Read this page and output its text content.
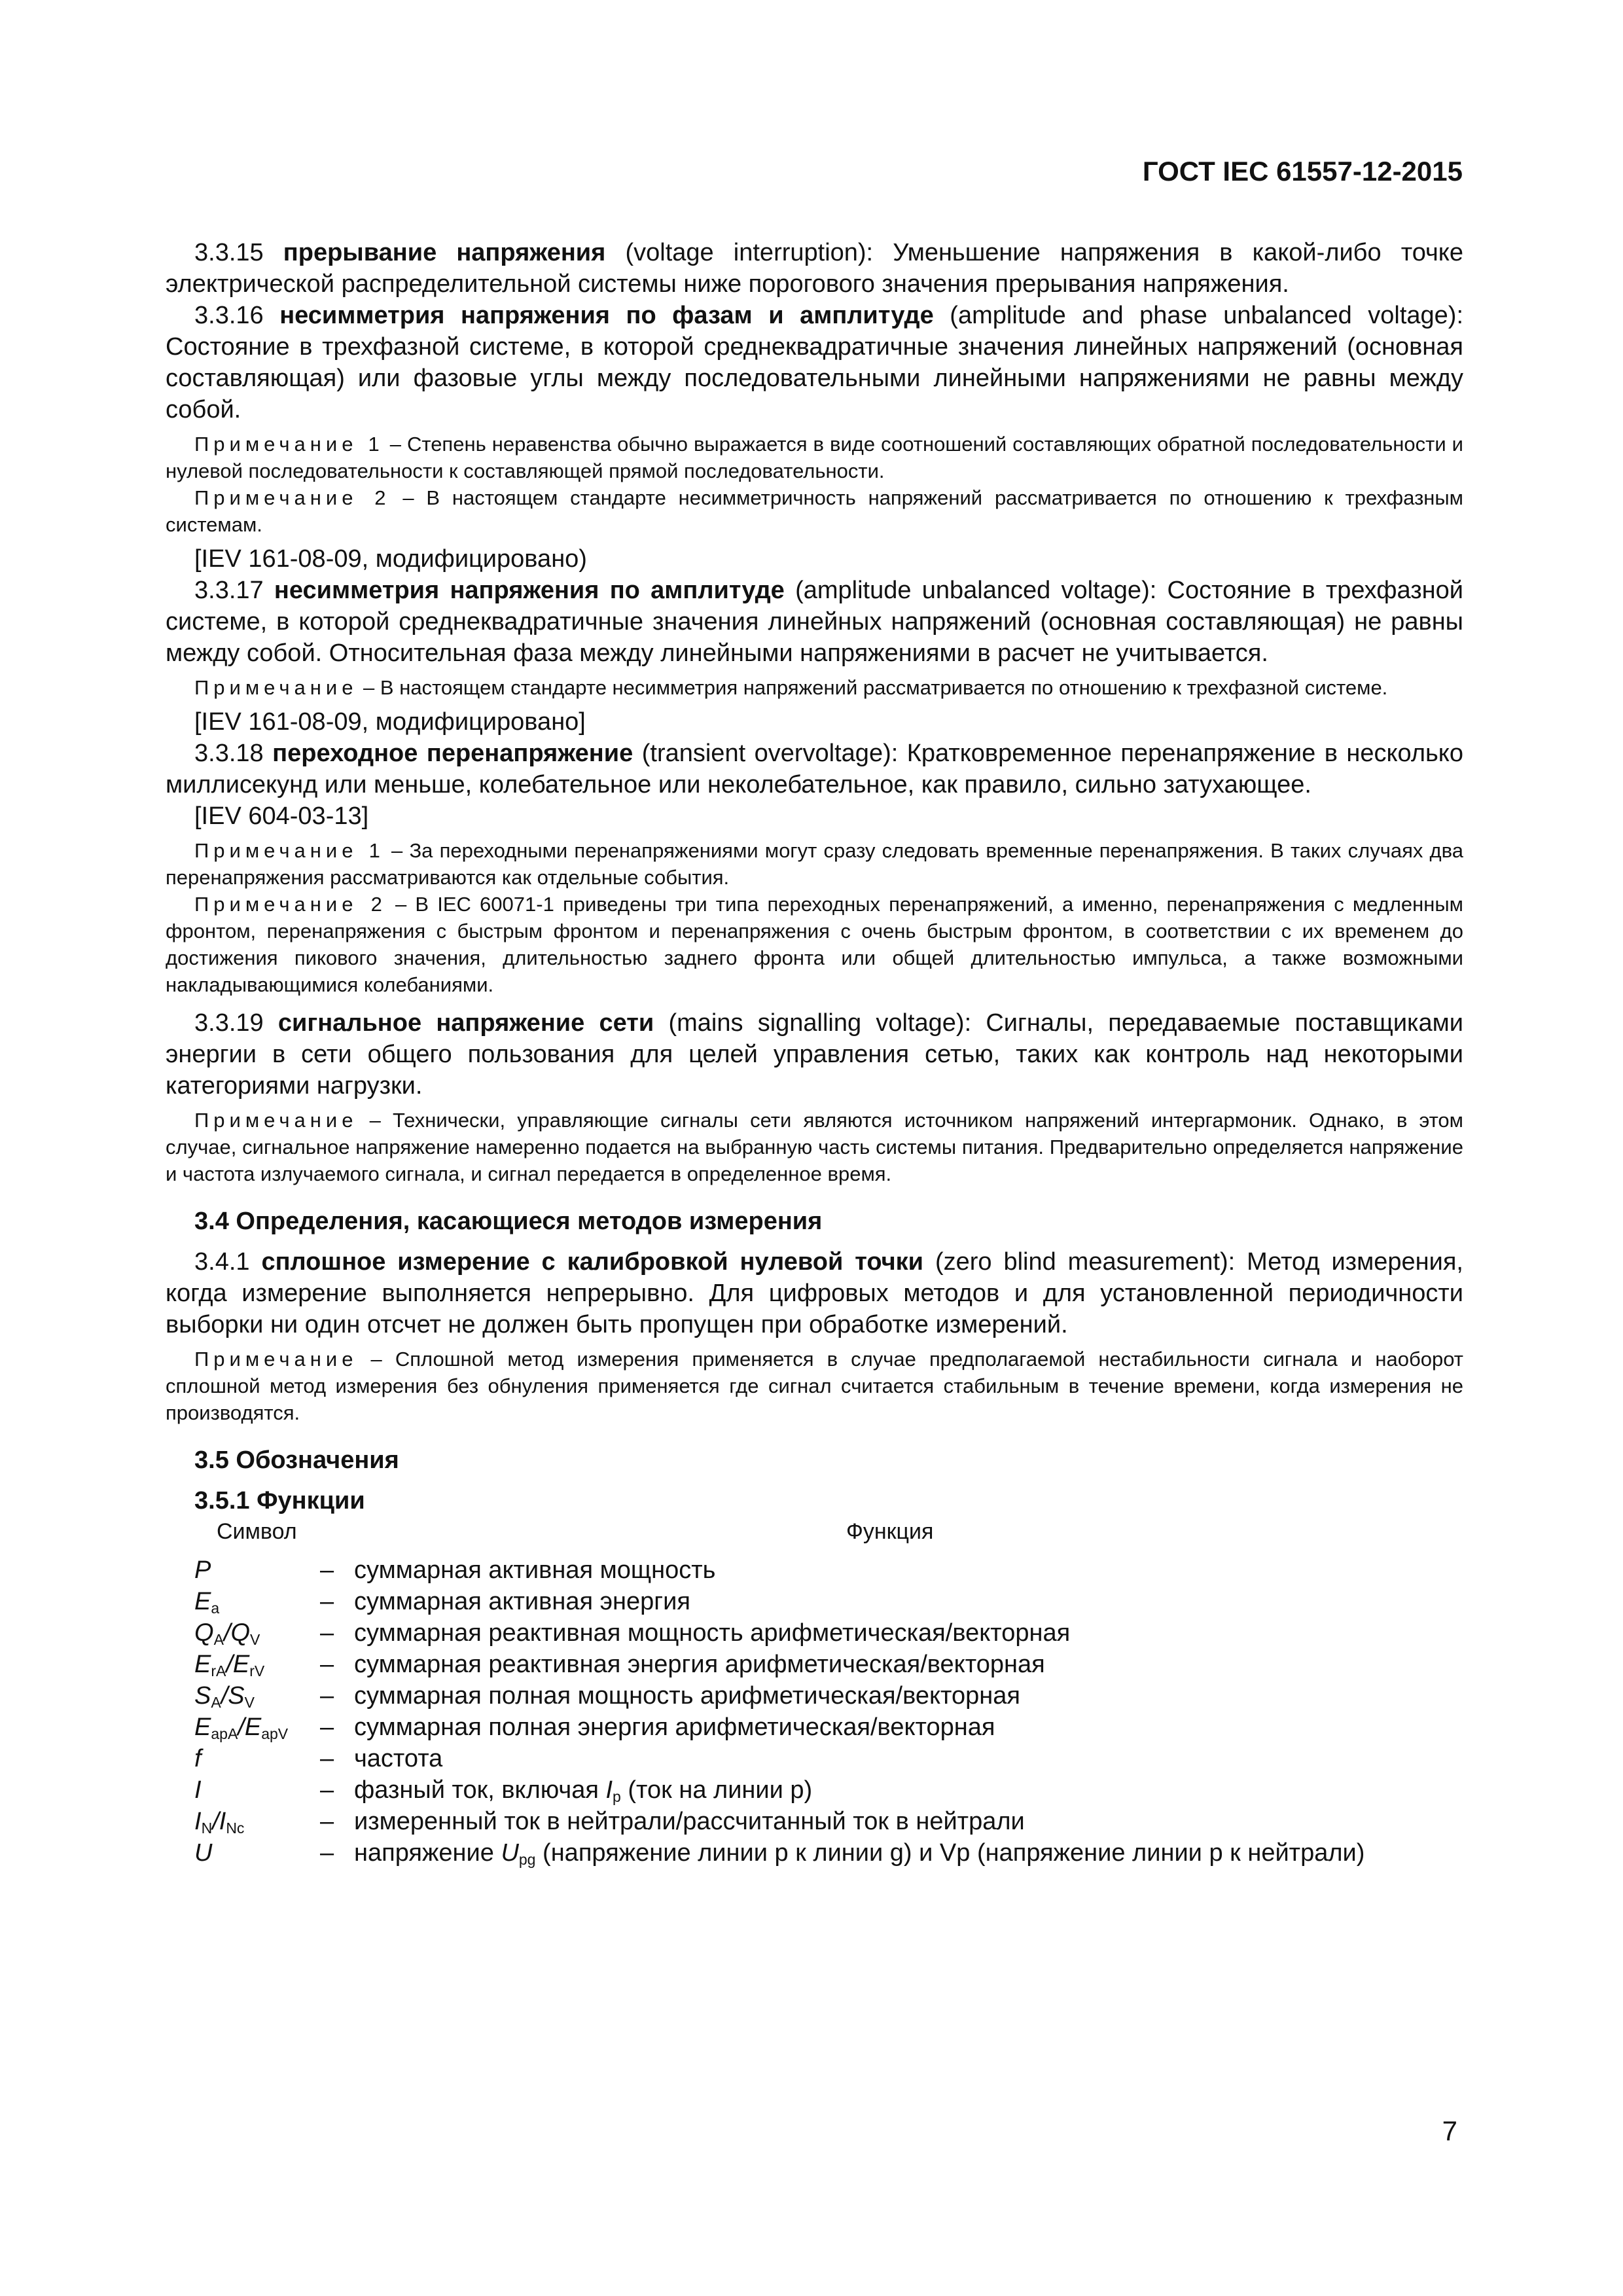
ГОСТ IEC 61557-12-2015

3.3.15 прерывание напряжения (voltage interruption): Уменьшение напряжения в какой-либо точке электрической распределительной системы ниже порогового значения прерывания напряжения.

3.3.16 несимметрия напряжения по фазам и амплитуде (amplitude and phase unbalanced voltage): Состояние в трехфазной системе, в которой среднеквадратичные значения линейных напряжений (основная составляющая) или фазовые углы между последовательными линейными напряжениями не равны между собой.

Примечание 1 – Степень неравенства обычно выражается в виде соотношений составляющих обратной последовательности и нулевой последовательности к составляющей прямой последовательности.

Примечание 2 – В настоящем стандарте несимметричность напряжений рассматривается по отношению к трехфазным системам.

[IEV 161-08-09, модифицировано)

3.3.17 несимметрия напряжения по амплитуде (amplitude unbalanced voltage): Состояние в трехфазной системе, в которой среднеквадратичные значения линейных напряжений (основная составляющая) не равны между собой. Относительная фаза между линейными напряжениями в расчет не учитывается.

Примечание – В настоящем стандарте несимметрия напряжений рассматривается по отношению к трехфазной системе.

[IEV 161-08-09, модифицировано]

3.3.18 переходное перенапряжение (transient overvoltage): Кратковременное перенапряжение в несколько миллисекунд или меньше, колебательное или неколебательное, как правило, сильно затухающее.

[IEV 604-03-13]

Примечание 1 – За переходными перенапряжениями могут сразу следовать временные перенапряжения. В таких случаях два перенапряжения рассматриваются как отдельные события.

Примечание 2 – В IEC 60071-1 приведены три типа переходных перенапряжений, а именно, перенапряжения с медленным фронтом, перенапряжения с быстрым фронтом и перенапряжения с очень быстрым фронтом, в соответствии с их временем до достижения пикового значения, длительностью заднего фронта или общей длительностью импульса, а также возможными накладывающимися колебаниями.

3.3.19 сигнальное напряжение сети (mains signalling voltage): Сигналы, передаваемые поставщиками энергии в сети общего пользования для целей управления сетью, таких как контроль над некоторыми категориями нагрузки.

Примечание – Технически, управляющие сигналы сети являются источником напряжений интергармоник. Однако, в этом случае, сигнальное напряжение намеренно подается на выбранную часть системы питания. Предварительно определяется напряжение и частота излучаемого сигнала, и сигнал передается в определенное время.

3.4 Определения, касающиеся методов измерения

3.4.1 сплошное измерение с калибровкой нулевой точки (zero blind measurement): Метод измерения, когда измерение выполняется непрерывно. Для цифровых методов и для установленной периодичности выборки ни один отсчет не должен быть пропущен при обработке измерений.

Примечание – Сплошной метод измерения применяется в случае предполагаемой нестабильности сигнала и наоборот сплошной метод измерения без обнуления применяется где сигнал считается стабильным в течение времени, когда измерения не производятся.

3.5 Обозначения

3.5.1 Функции

Символ	Функция
P	–	суммарная активная мощность
$E_a$	–	суммарная активная энергия
$Q_A/Q_V$	–	суммарная реактивная мощность арифметическая/векторная
$E_{rA}/E_{rV}$	–	суммарная реактивная энергия арифметическая/векторная
$S_A/S_V$	–	суммарная полная мощность арифметическая/векторная
$E_{apA}/E_{apV}$	–	суммарная полная энергия арифметическая/векторная
f	–	частота
I	–	фазный ток, включая $I_p$ (ток на линии р)
$I_N/I_{Nc}$	–	измеренный ток в нейтрали/рассчитанный ток в нейтрали
U	–	напряжение $U_{pg}$ (напряжение линии р к линии g) и Vp (напряжение линии р к нейтрали)
7
